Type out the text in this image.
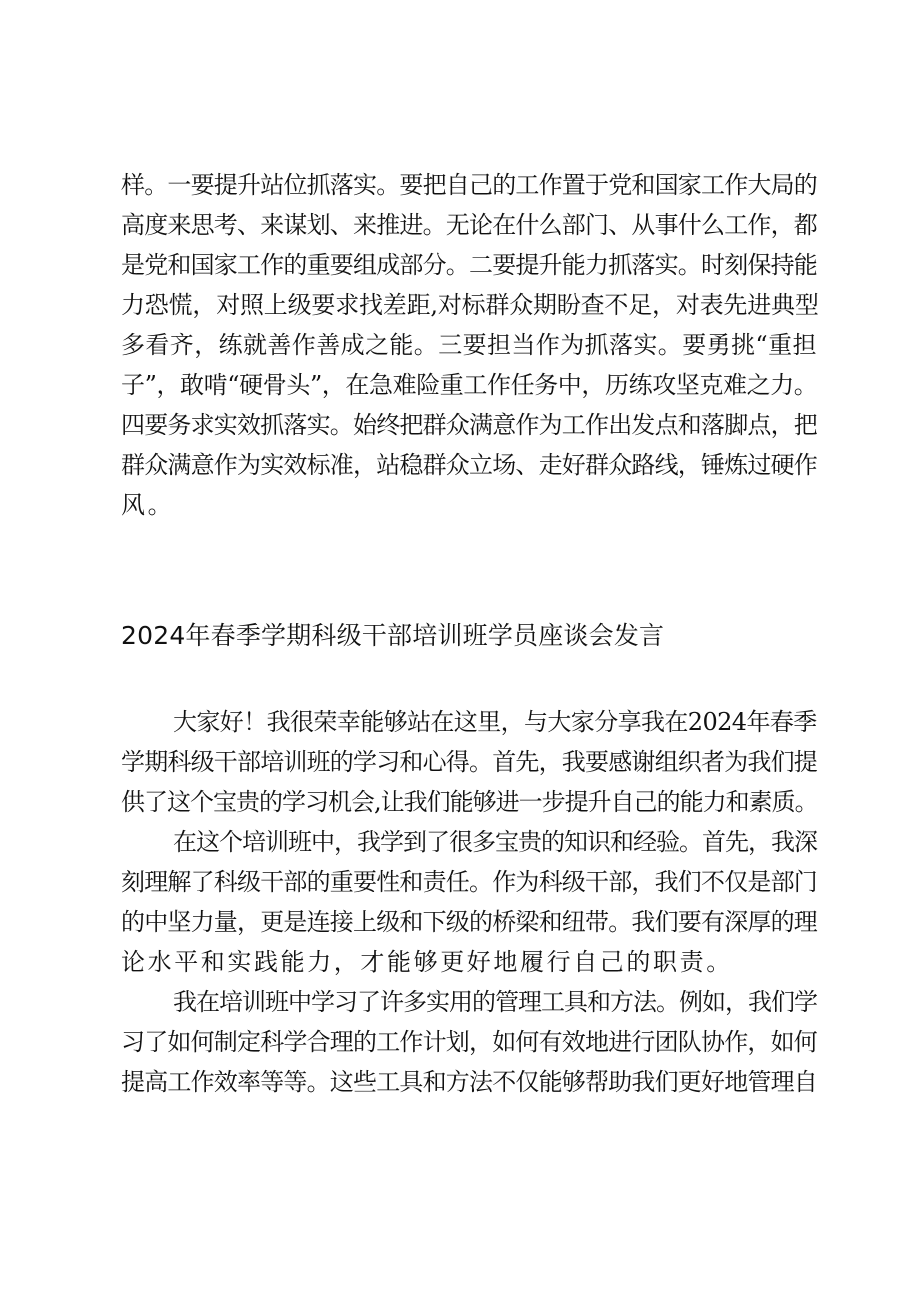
样。一要提升站位抓落实。要把自己的工作置于党和国家工作大局的
高度来思考、来谋划、来推进。无论在什么部门、从事什么工作，都
是党和国家工作的重要组成部分。二要提升能力抓落实。时刻保持能
力恐慌，对照上级要求找差距,对标群众期盼查不足，对表先进典型
多看齐，练就善作善成之能。三要担当作为抓落实。要勇挑“重担
子”，敢啃“硬骨头”，在急难险重工作任务中，历练攻坚克难之力。
四要务求实效抓落实。始终把群众满意作为工作出发点和落脚点，把
群众满意作为实效标准，站稳群众立场、走好群众路线，锤炼过硬作
风。
2024年春季学期科级干部培训班学员座谈会发言
大家好！我很荣幸能够站在这里，与大家分享我在2024年春季
学期科级干部培训班的学习和心得。首先，我要感谢组织者为我们提
供了这个宝贵的学习机会,让我们能够进一步提升自己的能力和素质。
在这个培训班中，我学到了很多宝贵的知识和经验。首先，我深
刻理解了科级干部的重要性和责任。作为科级干部，我们不仅是部门
的中坚力量，更是连接上级和下级的桥梁和纽带。我们要有深厚的理
论水平和实践能力，才能够更好地履行自己的职责。
我在培训班中学习了许多实用的管理工具和方法。例如，我们学
习了如何制定科学合理的工作计划，如何有效地进行团队协作，如何
提高工作效率等等。这些工具和方法不仅能够帮助我们更好地管理自
